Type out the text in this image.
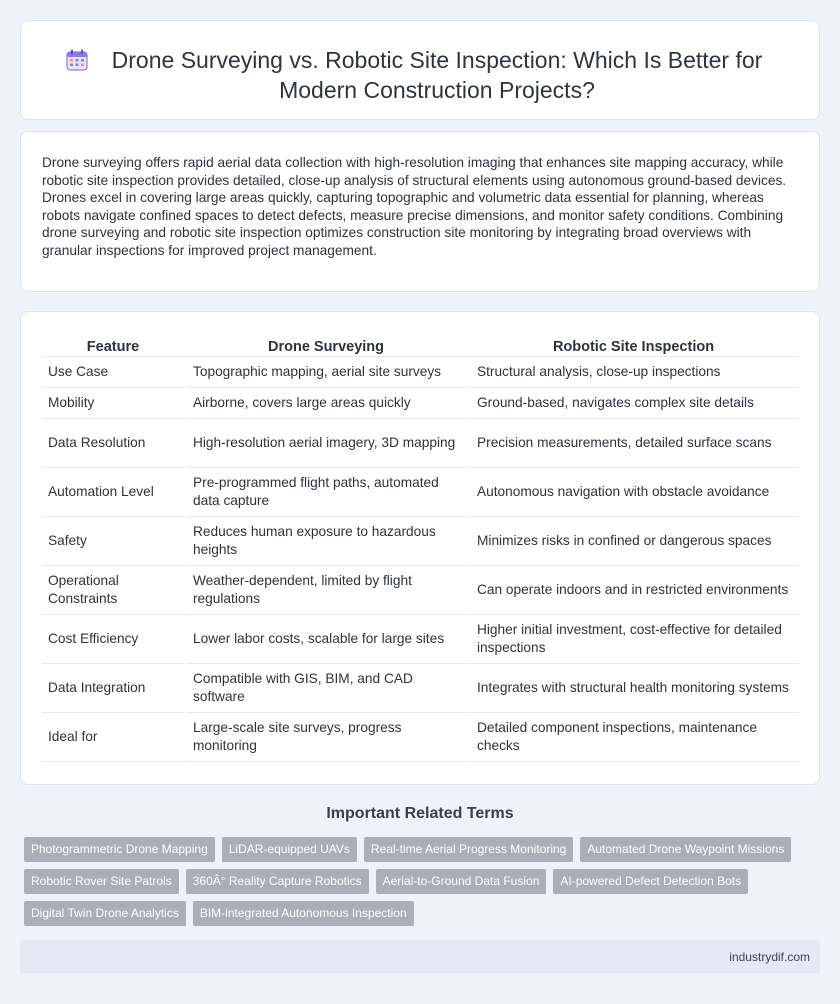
Drone Surveying vs. Robotic Site Inspection: Which Is Better for Modern Construction Projects?

Drone surveying offers rapid aerial data collection with high-resolution imaging that enhances site mapping accuracy, while robotic site inspection provides detailed, close-up analysis of structural elements using autonomous ground-based devices. Drones excel in covering large areas quickly, capturing topographic and volumetric data essential for planning, whereas robots navigate confined spaces to detect defects, measure precise dimensions, and monitor safety conditions. Combining drone surveying and robotic site inspection optimizes construction site monitoring by integrating broad overviews with granular inspections for improved project management.

Feature	Drone Surveying	Robotic Site Inspection
Use Case	Topographic mapping, aerial site surveys	Structural analysis, close-up inspections
Mobility	Airborne, covers large areas quickly	Ground-based, navigates complex site details
Data Resolution	High-resolution aerial imagery, 3D mapping	Precision measurements, detailed surface scans
Automation Level	Pre-programmed flight paths, automated data capture	Autonomous navigation with obstacle avoidance
Safety	Reduces human exposure to hazardous heights	Minimizes risks in confined or dangerous spaces
Operational Constraints	Weather-dependent, limited by flight regulations	Can operate indoors and in restricted environments
Cost Efficiency	Lower labor costs, scalable for large sites	Higher initial investment, cost-effective for detailed inspections
Data Integration	Compatible with GIS, BIM, and CAD software	Integrates with structural health monitoring systems
Ideal for	Large-scale site surveys, progress monitoring	Detailed component inspections, maintenance checks
Important Related Terms
Photogrammetric Drone Mapping	LiDAR-equipped UAVs	Real-time Aerial Progress Monitoring	Automated Drone Waypoint Missions
Robotic Rover Site Patrols	360Â° Reality Capture Robotics	Aerial-to-Ground Data Fusion	AI-powered Defect Detection Bots
Digital Twin Drone Analytics	BIM-integrated Autonomous Inspection
industrydif.com
